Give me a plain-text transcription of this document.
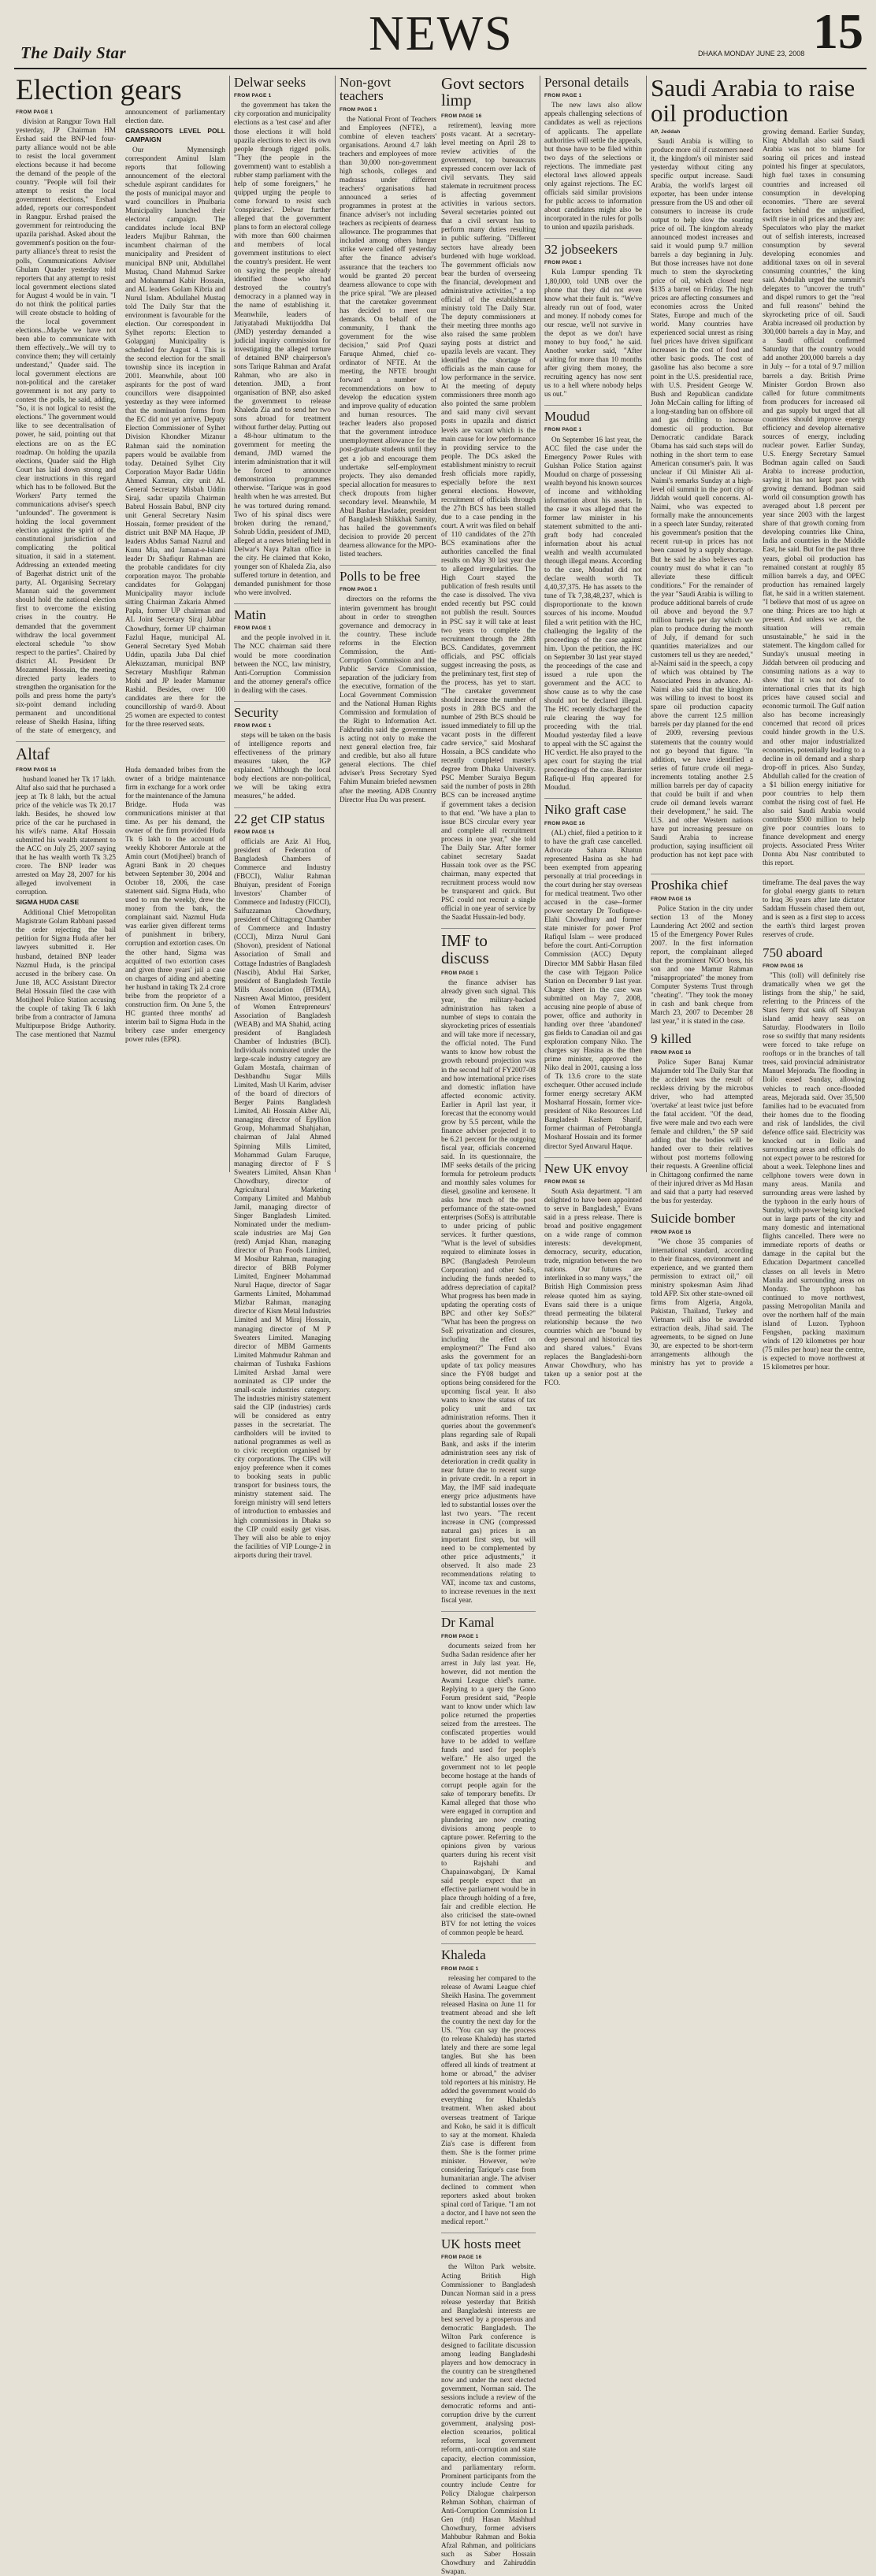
The Daily Star	NEWS	DHAKA MONDAY JUNE 23, 2008 15
Election gears
FROM PAGE 1

division at Rangpur Town Hall yesterday, JP Chairman HM Ershad said the BNP-led four-party alliance would not be able to resist the local government elections because it had become the demand of the people of the country. "People will foil their attempt to resist the local government elections," Ershad added, reports our correspondent in Rangpur. Ershad praised the government for reintroducing the upazila parishad. Asked about the government's position on the four-party alliance's threat to resist the polls, Communications Adviser Ghulam Quader yesterday told reporters that any attempt to resist local government elections slated for August 4 would be in vain. "I do not think the political parties will create obstacle to holding of the local government elections...Maybe we have not been able to communicate with them effectively...We will try to convince them; they will certainly understand," Quader said. The local government elections are non-political and the caretaker government is not any party to contest the polls, he said, adding, "So, it is not logical to resist the elections." The government would like to see decentralisation of power, he said, pointing out that elections are on as the EC roadmap. On holding the upazila elections, Quader said the High Court has laid down strong and clear instructions in this regard which has to be followed. But the Workers' Party termed the communications adviser's speech "unfounded". The government is holding the local government election against the spirit of the constitutional jurisdiction and complicating the political situation, it said in a statement. Addressing an extended meeting of Bagerhat district unit of the party, AL Organising Secretary Mannan said the government should hold the national election first to overcome the existing crises in the country. He demanded that the government withdraw the local government electoral schedule "to show respect to the parties". Chaired by district AL President Dr Mozammel Hossain, the meeting directed party leaders to strengthen the organisation for the polls and press home the party's six-point demand including permanent and unconditional release of Sheikh Hasina, lifting of the state of emergency, and announcement of parliamentary election date.

GRASSROOTS LEVEL POLL CAMPAIGN

Our Mymensingh correspondent Aminul Islam reports that following announcement of the electoral schedule aspirant candidates for the posts of municipal mayor and ward councillors in Phulbaria Municipality launched their electoral campaign. The candidates include local BNP leaders Mujibur Rahman, the incumbent chairman of the municipality and President of municipal BNP unit, Abdullahel Mustaq, Chand Mahmud Sarker and Mohammad Kabir Hossain, and AL leaders Golam Kibria and Nurul Islam. Abdullahel Mustaq told The Daily Star that the environment is favourable for the election. Our correspondent in Sylhet reports: Election to Golapganj Municipality is scheduled for August 4. This is the second election for the small township since its inception in 2001. Meanwhile, about 100 aspirants for the post of ward councillors were disappointed yesterday as they were informed that the nomination forms from the EC did not yet arrive. Deputy Election Commissioner of Sylhet Division Khondker Mizanur Rahman said the nomination papers would be available from today. Detained Sylhet City Corporation Mayor Badar Uddin Ahmed Kamran, city unit AL General Secretary Misbah Uddin Siraj, sadar upazila Chairman Babrul Hossain Babul, BNP city unit General Secretary Nasim Hossain, former president of the district unit BNP MA Haque, JP leaders Abdus Samad Nazrul and Kunu Mia, and Jamaat-e-Islami leader Dr Shafiqur Rahman are the probable candidates for city corporation mayor. The probable candidates for Golapganj Municipality mayor include sitting Chairman Zakaria Ahmed Papla, former UP chairman and AL Joint Secretary Siraj Jabbar Chowdhury, former UP chairman Fazlul Haque, municipal AL General Secretary Syed Mobah Uddin, upazila Juba Dal chief Alekuzzaman, municipal BNP Secretary Mushfiqur Rahman Mohi and JP leader Mamunur Rashid. Besides, over 100 candidates are there for the councillorship of ward-9. About 25 women are expected to contest for the three reserved seats.

Altaf
FROM PAGE 16

husband loaned her Tk 17 lakh. Altaf also said that he purchased a jeep at Tk 8 lakh, but the actual price of the vehicle was Tk 20.17 lakh. Besides, he showed low price of the car he purchased in his wife's name. Altaf Hossain submitted his wealth statement to the ACC on July 25, 2007 saying that he has wealth worth Tk 3.25 crore. The BNP leader was arrested on May 28, 2007 for his alleged involvement in corruption.

SIGMA HUDA CASE

Additional Chief Metropolitan Magistrate Golam Rabbani passed the order rejecting the bail petition for Sigma Huda after her lawyers submitted it. Her husband, detained BNP leader Nazmul Huda, is the principal accused in the bribery case. On June 18, ACC Assistant Director Belal Hossain filed the case with Motijheel Police Station accusing the couple of taking Tk 6 lakh bribe from a contractor of Jamuna Multipurpose Bridge Authority. The case mentioned that Nazmul Huda demanded bribes from the owner of a bridge maintenance firm in exchange for a work order for the maintenance of the Jamuna Bridge. Huda was communications minister at that time. As per his demand, the owner of the firm provided Huda Tk 6 lakh to the account of weekly Khoborer Antorale at the Amin court (Motijheel) branch of Agrani Bank in 20 cheques between September 30, 2004 and October 18, 2006, the case statement said. Sigma Huda, who used to run the weekly, drew the money from the bank, the complainant said. Nazmul Huda was earlier given different terms of punishment in bribery, corruption and extortion cases. On the other hand, Sigma was acquitted of two extortion cases and given three years' jail a case on charges of aiding and abetting her husband in taking Tk 2.4 crore bribe from the proprietor of a construction firm. On June 5, the HC granted three months' ad interim bail to Sigma Huda in the bribery case under emergency power rules (EPR).

Delwar seeks
FROM PAGE 1

the government has taken the city corporation and municipality elections as a 'test case' and after those elections it will hold upazila elections to elect its own people through rigged polls. "They (the people in the government) want to establish a rubber stamp parliament with the help of some foreigners," he quipped urging the people to come forward to resist such 'conspiracies'. Delwar further alleged that the government plans to form an electoral college with more than 600 chairmen and members of local government institutions to elect the country's president. He went on saying the people already identified those who had destroyed the country's democracy in a planned way in the name of establishing it. Meanwhile, leaders of Jatiyatabadi Muktijoddha Dal (JMD) yesterday demanded a judicial inquiry commission for investigating the alleged torture of detained BNP chairperson's sons Tarique Rahman and Arafat Rahman, who are also in detention. JMD, a front organisation of BNP, also asked the government to release Khaleda Zia and to send her two sons abroad for treatment without further delay. Putting out a 48-hour ultimatum to the government for meeting the demand, JMD warned the interim administration that it will be forced to announce demonstration programmes otherwise. "Tarique was in good health when he was arrested. But he was tortured during remand. Two of his spinal discs were broken during the remand," Sohrab Uddin, president of JMD, alleged at a news briefing held in Delwar's Naya Paltan office in the city. He claimed that Koko, younger son of Khaleda Zia, also suffered torture in detention, and demanded punishment for those who were involved.

Matin
FROM PAGE 1

and the people involved in it. The NCC chairman said there would be more coordination between the NCC, law ministry, Anti-Corruption Commission and the attorney general's office in dealing with the cases.

Security
FROM PAGE 1

steps will be taken on the basis of intelligence reports and effectiveness of the primary measures taken, the IGP explained. "Although the local body elections are non-political, we will be taking extra measures," he added.

22 get CIP status
FROM PAGE 16

officials are Aziz Al Huq, president of Federation of Bangladesh Chambers of Commerce and Industry (FBCCI), Waliur Rahman Bhuiyan, president of Foreign Investors' Chamber of Commerce and Industry (FICCI), Saifuzzaman Chowdhury, president of Chittagong Chamber of Commerce and Industry (CCCI), Mirza Nurul Gani (Shovon), president of National Association of Small and Cottage Industries of Bangladesh (Nascib), Abdul Hai Sarker, president of Bangladesh Textile Mills Association (BTMA), Nasreen Awal Mintoo, president of Women Entrepreneurs' Association of Bangladesh (WEAB) and MA Shahid, acting president of Bangladesh Chamber of Industries (BCI). Individuals nominated under the large-scale industry category are Gulam Mostafa, chairman of Deshbandhu Sugar Mills Limited, Mash Ul Karim, adviser of the board of directors of Berger Paints Bangladesh Limited, Ali Hossain Akber Ali, managing director of Epyllion Group, Mohammad Shahjahan, chairman of Jalal Ahmed Spinning Mills Limited, Mohammad Gulam Faruque, managing director of F S Sweaters Limited, Ahsan Khan Chowdhury, director of Agricultural Marketing Company Limited and Mahbub Jamil, managing director of Singer Bangladesh Limited. Nominated under the medium-scale industries are Maj Gen (retd) Amjad Khan, managing director of Pran Foods Limited, M Mosibur Rahman, managing director of BRB Polymer Limited, Engineer Mohammad Nurul Haque, director of Sagar Garments Limited, Mohammad Mizbar Rahman, managing director of Kism Metal Industries Limited and M Miraj Hossain, managing director of M P Sweaters Limited. Managing director of MBM Garments Limited Mahmudur Rahman and chairman of Tushuka Fashions Limited Arshad Jamal were nominated as CIP under the small-scale industries category. The industries ministry statement said the CIP (industries) cards will be considered as entry passes in the secretariat. The cardholders will be invited to national programmes as well as to civic reception organised by city corporations. The CIPs will enjoy preference when it comes to booking seats in public transport for business tours, the ministry statement said. The foreign ministry will send letters of introduction to embassies and high commissions in Dhaka so the CIP could easily get visas. They will also be able to enjoy the facilities of VIP Lounge-2 in airports during their travel.

Non-govt teachers
FROM PAGE 1

the National Front of Teachers and Employees (NFTE), a combine of eleven teachers' organisations. Around 4.7 lakh teachers and employees of more than 30,000 non-government high schools, colleges and madrasas under different teachers' organisations had announced a series of programmes in protest at the finance adviser's not including teachers as recipients of dearness allowance. The programmes that included among others hunger strike were called off yesterday after the finance adviser's assurance that the teachers too would be granted 20 percent dearness allowance to cope with the price spiral. "We are pleased that the caretaker government has decided to meet our demands. On behalf of the community, I thank the government for the wise decision," said Prof Quazi Faruque Ahmed, chief co-ordinator of NFTE. At the meeting, the NFTE brought forward a number of recommendations on how to develop the education system and improve quality of education and human resources. The teacher leaders also proposed that the government introduce unemployment allowance for the post-graduate students until they get a job and encourage them undertake self-employment projects. They also demanded special allocation for measures to check dropouts from higher secondary level. Meanwhile, M Abul Bashar Hawlader, president of Bangladesh Shikkhak Samity, has hailed the government's decision to provide 20 percent dearness allowance for the MPO-listed teachers.

Polls to be free
FROM PAGE 1

directors on the reforms the interim government has brought about in order to strengthen governance and democracy in the country. These include reforms in the Election Commission, the Anti-Corruption Commission and the Public Service Commission, separation of the judiciary from the executive, formation of the Local Government Commission and the National Human Rights Commission and formulation of the Right to Information Act. Fakhruddin said the government is acting not only to make the next general election free, fair and credible, but also all future general elections. The chief adviser's Press Secretary Syed Fahim Munaim briefed newsmen after the meeting. ADB Country Director Hua Du was present.

Govt sectors limp
FROM PAGE 16

retirement), leaving more posts vacant. At a secretary-level meeting on April 28 to review activities of the government, top bureaucrats expressed concern over lack of civil servants. They said stalemate in recruitment process is affecting government activities in various sectors. Several secretaries pointed out that a civil servant has to perform many duties resulting in public suffering. "Different sectors have already been burdened with huge workload. The government officials now bear the burden of overseeing the financial, development and administrative activities," a top official of the establishment ministry told The Daily Star. The deputy commissioners at their meeting three months ago also raised the same problem saying posts at district and upazila levels are vacant. They identified the shortage of officials as the main cause for low performance in the service. At the meeting of deputy commissioners three month ago also pointed the same problem and said many civil servant posts in upazila and district levels are vacant which is the main cause for low performance in providing service to the people. The DCs asked the establishment ministry to recruit fresh officials more rapidly, especially before the next general elections. However, recruitment of officials through the 27th BCS has been stalled due to a case pending in the court. A writ was filed on behalf of 110 candidates of the 27th BCS examinations after the authorities cancelled the final results on May 30 last year due to alleged irregularities. The High Court stayed the publication of fresh results until the case is dissolved. The viva ended recently but PSC could not publish the result. Sources in PSC say it will take at least two years to complete the recruitment through the 28th BCS. Candidates, government officials, and PSC officials suggest increasing the posts, as the preliminary test, first step of the process, has yet to start. "The caretaker government should increase the number of posts in 28th BCS and the number of 29th BCS should be issued immediately to fill up the vacant posts in the different cadre service," said Mosharaf Hossain, a BCS candidate who recently completed master's degree from Dhaka University. PSC Member Suraiya Begum said the number of posts in 28th BCS can be increased anytime if government takes a decision to that end. "We have a plan to issue BCS circular every year and complete all recruitment process in one year," she told The Daily Star. After former cabinet secretary Saadat Hussain took over as the PSC chairman, many expected that recruitment process would now be transparent and quick. But PSC could not recruit a single official in one year of service by the Saadat Hussain-led body.

IMF to discuss
FROM PAGE 1

the finance adviser has already given such signal. This year, the military-backed administration has taken a number of steps to contain the skyrocketing prices of essentials and will take more if necessary, the official noted. The Fund wants to know how robust the growth rebound projection was in the second half of FY2007-08 and how international price rises and domestic inflation have affected economic activity. Earlier in April last year, it forecast that the economy would grow by 5.5 percent, while the finance adviser projected it to be 6.21 percent for the outgoing fiscal year, officials concerned said. In its questionnaire, the IMF seeks details of the pricing formula for petroleum products and monthly sales volumes for diesel, gasoline and kerosene. It asks how much of the post performance of the state-owned enterprises (SoEs) is attributable to under pricing of public services. It further questions, "What is the level of subsidies required to eliminate losses in BPC (Bangladesh Petroleum Corporation) and other SoEs, including the funds needed to address depreciation of capital? What progress has been made in updating the operating costs of BPC and other key SoEs?" "What has been the progress on SoE privatization and closures, including the effect on employment?" The Fund also asks the government for an update of tax policy measures since the FY08 budget and options being considered for the upcoming fiscal year. It also wants to know the status of tax policy unit and tax administration reforms. Then it queries about the government's plans regarding sale of Rupali Bank, and asks if the interim administration sees any risk of deterioration in credit quality in near future due to recent surge in private credit. In a report in May, the IMF said inadequate energy price adjustments have led to substantial losses over the last two years. "The recent increase in CNG (compressed natural gas) prices is an important first step, but will need to be complemented by other price adjustments," it observed. It also made 23 recommendations relating to VAT, income tax and customs, to increase revenues in the next fiscal year.

Dr Kamal
FROM PAGE 1

documents seized from her Sudha Sadan residence after her arrest in July last year. He, however, did not mention the Awami League chief's name. Replying to a query the Gono Forum president said, "People want to know under which law police returned the properties seized from the arrestees. The confiscated properties would have to be added to welfare funds and used for people's welfare." He also urged the government not to let people become hostage at the hands of corrupt people again for the sake of temporary benefits. Dr Kamal alleged that those who were engaged in corruption and plundering are now creating divisions among people to capture power. Referring to the opinions given by various quarters during his recent visit to Rajshahi and Chapainawabganj, Dr Kamal said people expect that an effective parliament would be in place through holding of a free, fair and credible election. He also criticised the state-owned BTV for not letting the voices of common people be heard.

Khaleda
FROM PAGE 1

releasing her compared to the release of Awami League chief Sheikh Hasina. The government released Hasina on June 11 for treatment abroad and she left the country the next day for the US. "You can say the process (to release Khaleda) has started lately and there are some legal tangles. But she has been offered all kinds of treatment at home or abroad," the adviser told reporters at his ministry. He added the government would do everything for Khaleda's treatment. When asked about overseas treatment of Tarique and Koko, he said it is difficult to say at the moment. Khaleda Zia's case is different from them. She is the former prime minister. However, we're considering Tarique's case from humanitarian angle. The adviser declined to comment when reporters asked about broken spinal cord of Tarique. "I am not a doctor, and I have not seen the medical report."

UK hosts meet
FROM PAGE 16

the Wilton Park website. Acting British High Commissioner to Bangladesh Duncan Norman said in a press release yesterday that British and Bangladeshi interests are best served by a prosperous and democratic Bangladesh. The Wilton Park conference is designed to facilitate discussion among leading Bangladeshi players and how democracy in the country can be strengthened now and under the next elected government, Norman said. The sessions include a review of the democratic reforms and anti-corruption drive by the current government, analysing post-election scenarios, political reforms, local government reform, anti-corruption and state capacity, election commission, and parliamentary reform. Prominent participants from the country include Centre for Policy Dialogue chairperson Rehman Sobhan, chairman of Anti-Corruption Commission Lt Gen (rtd) Hasan Mashhud Chowdhury, former advisers Mahbubur Rahman and Bokia Afzal Rahman, and politicians such as Saber Hossain Chowdhury and Zahiruddin Swapan.

Personal details
FROM PAGE 1

The new laws also allow appeals challenging selections of candidates as well as rejections of applicants. The appellate authorities will settle the appeals, but those have to be filed within two days of the selections or rejections. The immediate past electoral laws allowed appeals only against rejections. The EC officials said similar provisions for public access to information about candidates might also be incorporated in the rules for polls to union and upazila parishads.

32 jobseekers
FROM PAGE 1

Kula Lumpur spending Tk 1,80,000, told UNB over the phone that they did not even know what their fault is. "We've already run out of food, water and money. If nobody comes for our rescue, we'll not survive in the depot as we don't have money to buy food," he said. Another worker said, "After waiting for more than 10 months after giving them money, the recruiting agency has now sent us to a hell where nobody helps us out."

Moudud
FROM PAGE 1

On September 16 last year, the ACC filed the case under the Emergency Power Rules with Gulshan Police Station against Moudud on charge of possessing wealth beyond his known sources of income and withholding information about his assets. In the case it was alleged that the former law minister in his statement submitted to the anti-graft body had concealed information about his actual wealth and wealth accumulated through illegal means. According to the case, Moudud did not declare wealth worth Tk 4,40,37,375. He has assets to the tune of Tk 7,38,48,237, which is disproportionate to the known sources of his income. Moudud filed a writ petition with the HC, challenging the legality of the proceedings of the case against him. Upon the petition, the HC on September 30 last year stayed the proceedings of the case and issued a rule upon the government and the ACC to show cause as to why the case should not be declared illegal. The HC recently discharged the rule clearing the way for proceeding with the trial. Moudud yesterday filed a leave to appeal with the SC against the HC verdict. He also prayed to the apex court for staying the trial proceedings of the case. Barrister Rafique-ul Huq appeared for Moudud.

Niko graft case
FROM PAGE 16

(AL) chief, filed a petition to it to have the graft case cancelled. Advocate Sahara Khatun represented Hasina as she had been exempted from appearing personally at trial proceedings in the court during her stay overseas for medical treatment. Two other accused in the case--former power secretary Dr Toufique-e-Elahi Chowdhury and former state minister for power Prof Rafiqul Islam -- were produced before the court. Anti-Corruption Commission (ACC) Deputy Director MM Sabbir Hasan filed the case with Tejgaon Police Station on December 9 last year. Charge sheet in the case was submitted on May 7, 2008, accusing nine people of abuse of power, office and authority in handing over three 'abandoned' gas fields to Canadian oil and gas exploration company Niko. The charges say Hasina as the then prime minister, approved the Niko deal in 2001, causing a loss of Tk 13.6 crore to the state exchequer. Other accused include former energy secretary AKM Mosharraf Hossain, former vice-president of Niko Resources Ltd Bangladesh Kashem Sharif, former chairman of Petrobangla Mosharaf Hossain and its former director Syed Anwarul Haque.

New UK envoy
FROM PAGE 16

South Asia department. "I am delighted to have been appointed to serve in Bangladesh," Evans said in a press release. There is broad and positive engagement on a wide range of common interests: development, democracy, security, education, trade, migration between the two nations. Our futures are interlinked in so many ways," the British High Commission press release quoted him as saying. Evans said there is a unique thread permeating the bilateral relationship because the two countries which are "bound by deep personal and historical ties and shared values." Evans replaces the Bangladeshi-born Anwar Chowdhury, who has taken up a senior post at the FCO.

Saudi Arabia to raise oil production
AP, Jeddah

Saudi Arabia is willing to produce more oil if customers need it, the kingdom's oil minister said yesterday without citing any specific output increase. Saudi Arabia, the world's largest oil exporter, has been under intense pressure from the US and other oil consumers to increase its crude output to help slow the soaring price of oil. The kingdom already announced modest increases and said it would pump 9.7 million barrels a day beginning in July. But those increases have not done much to stem the skyrocketing price of oil, which closed near $135 a barrel on Friday. The high prices are affecting consumers and economies across the United States, Europe and much of the world. Many countries have experienced social unrest as rising fuel prices have driven significant increases in the cost of food and other basic goods. The cost of gasoline has also become a sore point in the U.S. presidential race, with U.S. President George W. Bush and Republican candidate John McCain calling for lifting of a long-standing ban on offshore oil and gas drilling to increase domestic oil production. But Democratic candidate Barack Obama has said such steps will do nothing in the short term to ease American consumer's pain. It was unclear if Oil Minister Ali al-Naimi's remarks Sunday at a high-level oil summit in the port city of Jiddah would quell concerns. Al-Naimi, who was expected to formally make the announcements in a speech later Sunday, reiterated his government's position that the recent run-up in prices has not been caused by a supply shortage. But he said he also believes each country must do what it can "to alleviate these difficult conditions." For the remainder of the year "Saudi Arabia is willing to produce additional barrels of crude oil above and beyond the 9.7 million barrels per day which we plan to produce during the month of July, if demand for such quantities materializes and our customers tell us they are needed," al-Naimi said in the speech, a copy of which was obtained by The Associated Press in advance. Al-Naimi also said that the kingdom was willing to invest to boost its spare oil production capacity above the current 12.5 million barrels per day planned for the end of 2009, reversing previous statements that the country would not go beyond that figure. "In addition, we have identified a series of future crude oil mega-increments totaling another 2.5 million barrels per day of capacity that could be built if and when crude oil demand levels warrant their development," he said. The U.S. and other Western nations have put increasing pressure on Saudi Arabia to increase production, saying insufficient oil production has not kept pace with growing demand. Earlier Sunday, King Abdullah also said Saudi Arabia was not to blame for soaring oil prices and instead pointed his finger at speculators, high fuel taxes in consuming countries and increased oil consumption in developing economies. "There are several factors behind the unjustified, swift rise in oil prices and they are: Speculators who play the market out of selfish interests, increased consumption by several developing economies and additional taxes on oil in several consuming countries," the king said. Abdullah urged the summit's delegates to "uncover the truth" and dispel rumors to get the "real and full reasons" behind the skyrocketing price of oil. Saudi Arabia increased oil production by 300,000 barrels a day in May, and a Saudi official confirmed Saturday that the country would add another 200,000 barrels a day in July -- for a total of 9.7 million barrels a day. British Prime Minister Gordon Brown also called for future commitments from producers for increased oil and gas supply but urged that all countries should improve energy efficiency and develop alternative sources of energy, including nuclear power. Earlier Sunday, U.S. Energy Secretary Samuel Bodman again called on Saudi Arabia to increase production, saying it has not kept pace with growing demand. Bodman said world oil consumption growth has averaged about 1.8 percent per year since 2003 with the largest share of that growth coming from developing countries like China, India and countries in the Middle East, he said. But for the past three years, global oil production has remained constant at roughly 85 million barrels a day, and OPEC production has remained largely flat, he said in a written statement. "I believe that most of us agree on one thing: Prices are too high at present. And unless we act, the situation will remain unsustainable," he said in the statement. The kingdom called for Sunday's unusual meeting in Jiddah between oil producing and consuming nations as a way to show that it was not deaf to international cries that its high prices have caused social and economic turmoil. The Gulf nation also has become increasingly concerned that record oil prices could hinder growth in the U.S. and other major industrialized economies, potentially leading to a decline in oil demand and a sharp drop-off in prices. Also Sunday, Abdullah called for the creation of a $1 billion energy initiative for poor countries to help them combat the rising cost of fuel. He also said Saudi Arabia would contribute $500 million to help give poor countries loans to finance development and energy projects. Associated Press Writer Donna Abu Nasr contributed to this report.

Proshika chief
FROM PAGE 16

Police Station in the city under section 13 of the Money Laundering Act 2002 and section 15 of the Emergency Power Rules 2007. In the first information report, the complainant alleged that the prominent NGO boss, his son and one Mamur Rahman "misappropriated" the money from Computer Systems Trust through "cheating". "They took the money in cash and bank cheque from March 23, 2007 to December 28 last year," it is stated in the case.

9 killed
FROM PAGE 16

Police Super Banaj Kumar Majumder told The Daily Star that the accident was the result of reckless driving by the microbus driver, who had attempted 'overtake' at least twice just before the fatal accident. "Of the dead, five were male and two each were female and children," the SP said adding that the bodies will be handed over to their relatives without post mortems following their requests. A Greenline official in Chittagong confirmed the name of their injured driver as Md Hasan and said that a party had reserved the bus for yesterday.

Suicide bomber
FROM PAGE 16

"We chose 35 companies of international standard, according to their finances, environment and experience, and we granted them permission to extract oil," oil ministry spokesman Asim Jihad told AFP. Six other state-owned oil firms from Algeria, Angola, Pakistan, Thailand, Turkey and Vietnam will also be awarded extraction deals, Jihad said. The agreements, to be signed on June 30, are expected to be short-term arrangements although the ministry has yet to provide a timeframe. The deal paves the way for global energy giants to return to Iraq 36 years after late dictator Saddam Hussein chased them out, and is seen as a first step to access the earth's third largest proven reserves of crude.

750 aboard
FROM PAGE 16

"This (toll) will definitely rise dramatically when we get the listings from the ship," he said, referring to the Princess of the Stars ferry that sank off Sibuyan island amid heavy seas on Saturday. Floodwaters in Iloilo rose so swiftly that many residents were forced to take refuge on rooftops or in the branches of tall trees, said provincial administrator Manuel Mejorada. The flooding in Iloilo eased Sunday, allowing vehicles to reach once-flooded areas, Mejorada said. Over 35,500 families had to be evacuated from their homes due to the flooding and risk of landslides, the civil defence office said. Electricity was knocked out in Iloilo and surrounding areas and officials do not expect power to be restored for about a week. Telephone lines and cellphone towers were down in many areas. Manila and surrounding areas were lashed by the typhoon in the early hours of Sunday, with power being knocked out in large parts of the city and many domestic and international flights cancelled. There were no immediate reports of deaths or damage in the capital but the Education Department cancelled classes on all levels in Metro Manila and surrounding areas on Monday. The typhoon has continued to move northwest, passing Metropolitan Manila and over the northern half of the main island of Luzon. Typhoon Fengshen, packing maximum winds of 120 kilometres per hour (75 miles per hour) near the centre, is expected to move northwest at 15 kilometres per hour.
